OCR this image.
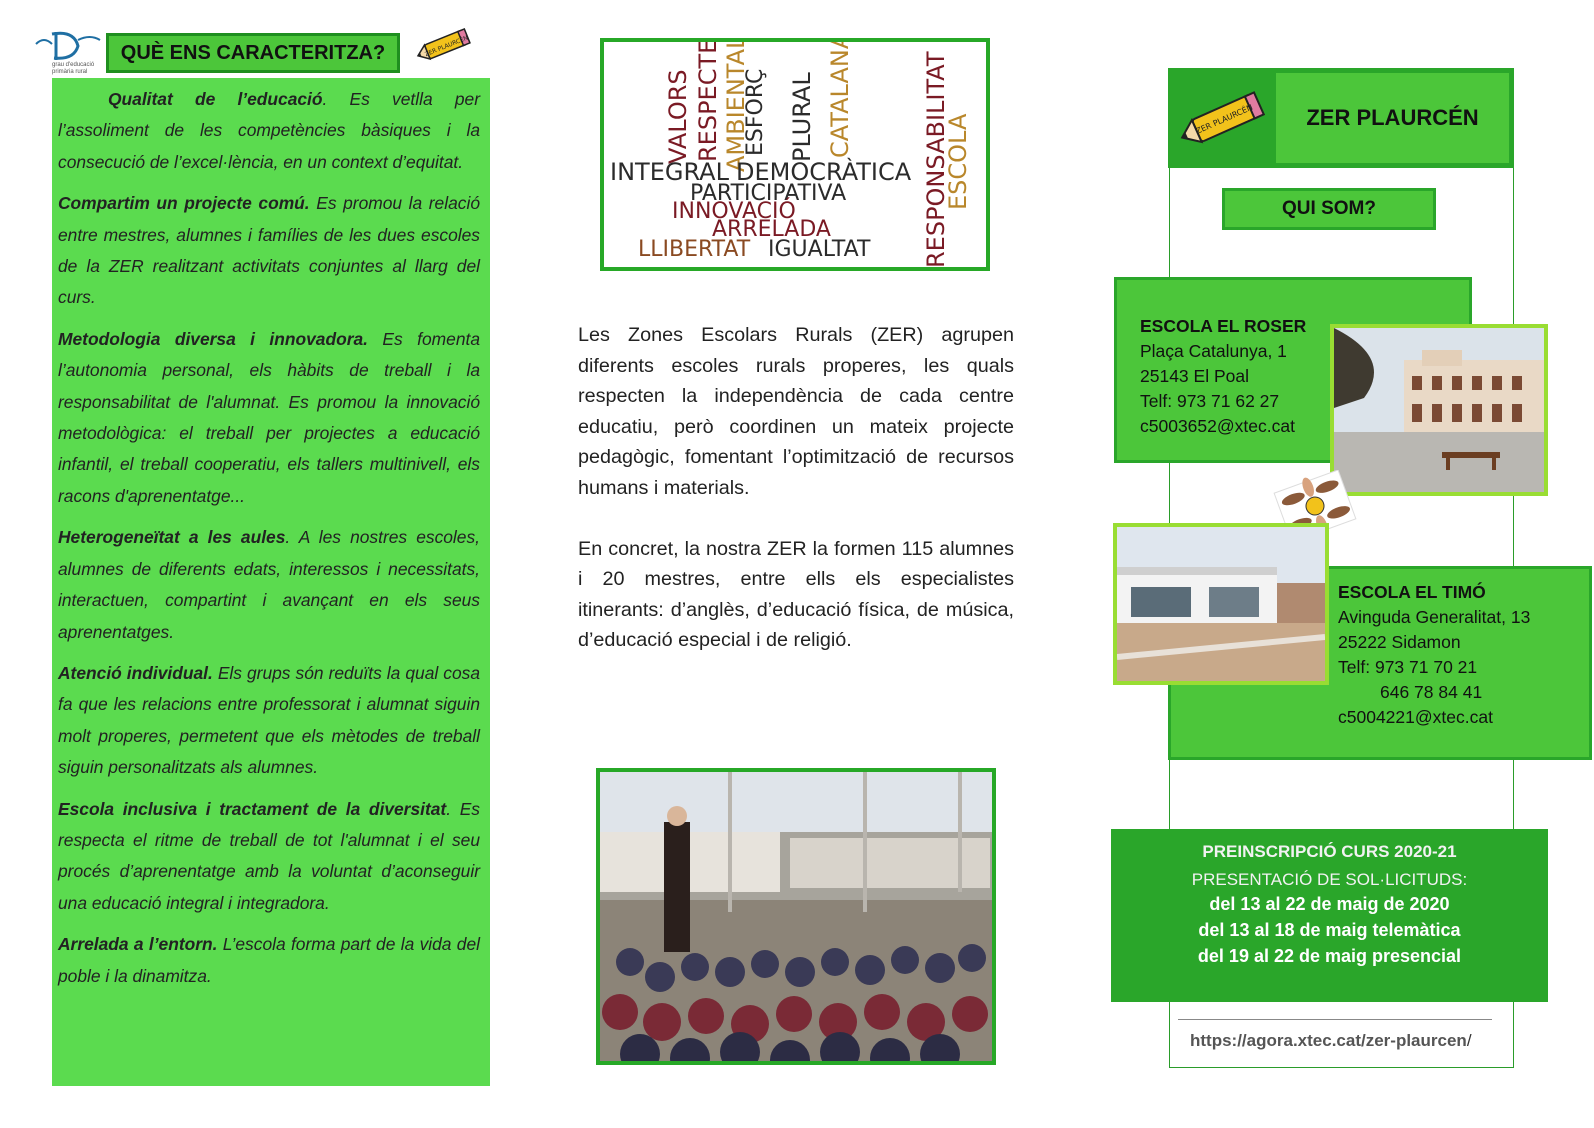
grau d'educació primària rural
QUÈ ENS CARACTERITZA?	ZER PLAURCÉN

Qualitat de l’educació. Es vetlla per l’assoliment de les competències bàsiques i la consecució de l’excel·lència, en un context d’equitat.

Compartim un projecte comú. Es promou la relació entre mestres, alumnes i famílies de les dues escoles de la ZER realitzant activitats conjuntes al llarg del curs.

Metodologia diversa i innovadora. Es fomenta l’autonomia personal, els hàbits de treball i la responsabilitat de l'alumnat. Es promou la innovació metodològica: el treball per projectes a educació infantil, el treball cooperatiu, els tallers multinivell, els racons d'aprenentatge...

Heterogeneïtat a les aules. A les nostres escoles, alumnes de diferents edats, interessos i necessitats, interactuen, compartint i avançant en els seus aprenentatges.

Atenció individual. Els grups són reduïts la qual cosa fa que les relacions entre professorat i alumnat siguin molt properes, permetent que els mètodes de treball siguin personalitzats als alumnes.

Escola inclusiva i tractament de la diversitat. Es respecta el ritme de treball de tot l'alumnat i el seu procés d’aprenentatge amb la voluntat d’aconseguir una educació integral i integradora.

Arrelada a l’entorn. L’escola forma part de la vida del poble i la dinamitza.

VALORS RESPECTE AMBIENTAL
ESFORÇ PLURAL CATALANA	RESPONSABILITAT
ESCOLA
INTEGRAL DEMOCRÀTICA
PARTICIPATIVA
INNOVACIÓ
ARRELADA
LLIBERTAT IGUALTAT

Les Zones Escolars Rurals (ZER) agrupen diferents escoles rurals properes, les quals respecten la independència de cada centre educatiu, però coordinen un mateix projecte pedagògic, fomentant l’optimització de recursos humans i materials.

En concret, la nostra ZER la formen 115 alumnes i 20 mestres, entre ells els especialistes itinerants: d’anglès, d’educació física, de música, d’educació especial i de religió.

ZER PLAURCÉN	ZER PLAURCÉN
QUI SOM?
ESCOLA EL ROSER
Plaça Catalunya, 1
25143 El Poal
Telf: 973 71 62 27
c5003652@xtec.cat
ESCOLA EL TIMÓ
Avinguda Generalitat, 13
25222 Sidamon
Telf: 973 71 70 21
646 78 84 41
c5004221@xtec.cat
PREINSCRIPCIÓ CURS 2020-21
PRESENTACIÓ DE SOL·LICITUDS:
del 13 al 22 de maig de 2020
del 13 al 18 de maig telemàtica
del 19 al 22 de maig presencial
https://agora.xtec.cat/zer-plaurcen/
